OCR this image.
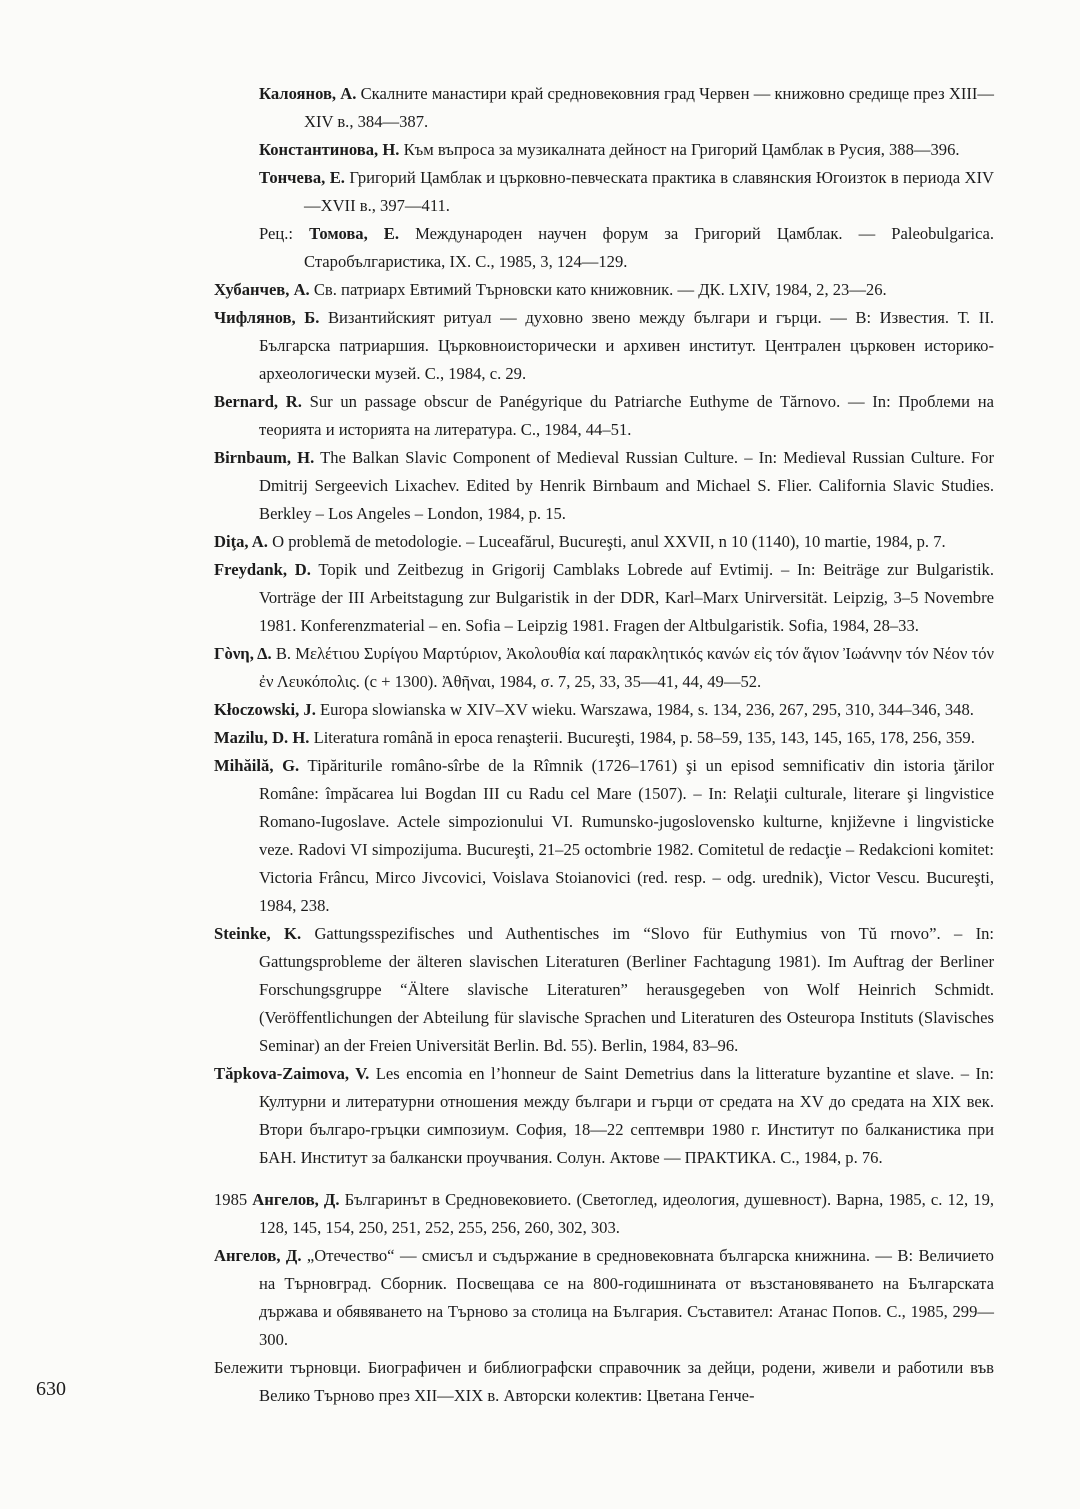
Калоянов, А. Скалните манастири край средновековния град Червен — книжовно средище през XIII—XIV в., 384—387.

Константинова, Н. Към въпроса за музикалната дейност на Григорий Цамблак в Русия, 388—396.

Тончева, Е. Григорий Цамблак и църковно-певческата практика в славянския Югоизток в периода XIV—XVII в., 397—411.

Рец.: Томова, Е. Международен научен форум за Григорий Цамблак. — Paleobulgarica. Старобългаристика, IX. С., 1985, 3, 124—129.

Хубанчев, А. Св. патриарх Евтимий Търновски като книжовник. — ДК. LXIV, 1984, 2, 23—26.

Чифлянов, Б. Византийският ритуал — духовно звено между българи и гърци. — В: Известия. Т. II. Българска патриаршия. Църковноисторически и архивен институт. Централен църковен историко-археологически музей. С., 1984, с. 29.

Bernard, R. Sur un passage obscur de Panégyrique du Patriarche Euthyme de Tărnovo. — In: Проблеми на теорията и историята на литература. С., 1984, 44–51.

Birnbaum, H. The Balkan Slavic Component of Medieval Russian Culture. – In: Medieval Russian Culture. For Dmitrij Sergeevich Lixachev. Edited by Henrik Birnbaum and Michael S. Flier. California Slavic Studies. Berkley – Los Angeles – London, 1984, p. 15.

Diţa, A. O problemă de metodologie. – Luceafărul, Bucureşti, anul XXVII, n 10 (1140), 10 martie, 1984, p. 7.

Freydank, D. Topik und Zeitbezug in Grigorij Camblaks Lobrede auf Evtimij. – In: Beiträge zur Bulgaristik. Vorträge der III Arbeitstagung zur Bulgaristik in der DDR, Karl–Marx Unirversität. Leipzig, 3–5 Novembre 1981. Konferenzmaterial – en. Sofia – Leipzig 1981. Fragen der Altbulgaristik. Sofia, 1984, 28–33.

Γòνη, Δ. Β. Μελέτιου Συρίγου Μαρτύριον, Ἀκολουθία καί παρακλητικός κανών εἰς τόν ἅγιον Ἰωάννην τόν Νέον τόν ἐν Λευκόπολις. (c + 1300). Ἀθῆναι, 1984, σ. 7, 25, 33, 35—41, 44, 49—52.

Kłoczowski, J. Europa slowianska w XIV–XV wieku. Warszawa, 1984, s. 134, 236, 267, 295, 310, 344–346, 348.

Mazilu, D. H. Literatura română in epoca renaşterii. Bucureşti, 1984, p. 58–59, 135, 143, 145, 165, 178, 256, 359.

Mihăilă, G. Tipăriturile româno-sîrbe de la Rîmnik (1726–1761) şi un episod semnificativ din istoria ţărilor Române: împăcarea lui Bogdan III cu Radu cel Mare (1507). – In: Relaţii culturale, literare şi lingvistice Romano-Iugoslave. Actele simpozionului VI. Rumunsko-jugoslovensko kulturne, književne i lingvisticke veze. Radovi VI simpozijuma. Bucureşti, 21–25 octombrie 1982. Comitetul de redacţie – Redakcioni komitet: Victoria Frâncu, Mirco Jivcovici, Voislava Stoianovici (red. resp. – odg. urednik), Victor Vescu. Bucureşti, 1984, 238.

Steinke, K. Gattungsspezifisches und Authentisches im “Slovo für Euthymius von Tŭ rnovo”. – In: Gattungsprobleme der älteren slavischen Literaturen (Berliner Fachtagung 1981). Im Auftrag der Berliner Forschungsgruppe “Ältere slavische Literaturen” herausgegeben von Wolf Heinrich Schmidt. (Veröffentlichungen der Abteilung für slavische Sprachen und Literaturen des Osteuropa Instituts (Slavisches Seminar) an der Freien Universität Berlin. Bd. 55). Berlin, 1984, 83–96.

Tăpkova-Zaimova, V. Les encomia en l’honneur de Saint Demetrius dans la litterature byzantine et slave. – In: Културни и литературни отношения между българи и гърци от средата на XV до средата на XIX век. Втори българо-гръцки симпозиум. София, 18—22 септември 1980 г. Институт по балканистика при БАН. Институт за балкански проучвания. Солун. Актове — ПРАКТИКА. С., 1984, p. 76.

1985 Ангелов, Д. Българинът в Средновековието. (Светоглед, идеология, душевност). Варна, 1985, с. 12, 19, 128, 145, 154, 250, 251, 252, 255, 256, 260, 302, 303.

Ангелов, Д. „Отечество“ — смисъл и съдържание в средновековната българска книжнина. — В: Величието на Търновград. Сборник. Посвещава се на 800-годишнината от възстановяването на Българската държава и обявяването на Търново за столица на България. Съставител: Атанас Попов. С., 1985, 299—300.

Бележити търновци. Биографичен и библиографски справочник за дейци, родени, живели и работили във Велико Търново през XII—XIX в. Авторски колектив: Цветана Генче-

630
